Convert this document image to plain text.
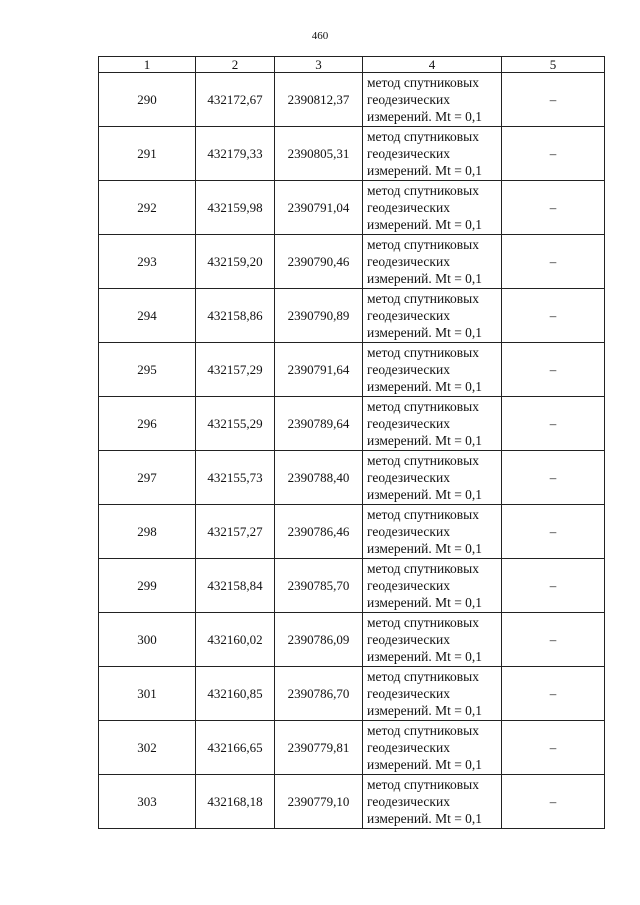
460
1	2	3	4	5
290	432172,67	2390812,37	метод спутниковых
геодезических
измерений. Mt = 0,1	–
291	432179,33	2390805,31	метод спутниковых
геодезических
измерений. Mt = 0,1	–
292	432159,98	2390791,04	метод спутниковых
геодезических
измерений. Mt = 0,1	–
293	432159,20	2390790,46	метод спутниковых
геодезических
измерений. Mt = 0,1	–
294	432158,86	2390790,89	метод спутниковых
геодезических
измерений. Mt = 0,1	–
295	432157,29	2390791,64	метод спутниковых
геодезических
измерений. Mt = 0,1	–
296	432155,29	2390789,64	метод спутниковых
геодезических
измерений. Mt = 0,1	–
297	432155,73	2390788,40	метод спутниковых
геодезических
измерений. Mt = 0,1	–
298	432157,27	2390786,46	метод спутниковых
геодезических
измерений. Mt = 0,1	–
299	432158,84	2390785,70	метод спутниковых
геодезических
измерений. Mt = 0,1	–
300	432160,02	2390786,09	метод спутниковых
геодезических
измерений. Mt = 0,1	–
301	432160,85	2390786,70	метод спутниковых
геодезических
измерений. Mt = 0,1	–
302	432166,65	2390779,81	метод спутниковых
геодезических
измерений. Mt = 0,1	–
303	432168,18	2390779,10	метод спутниковых
геодезических
измерений. Mt = 0,1	–
